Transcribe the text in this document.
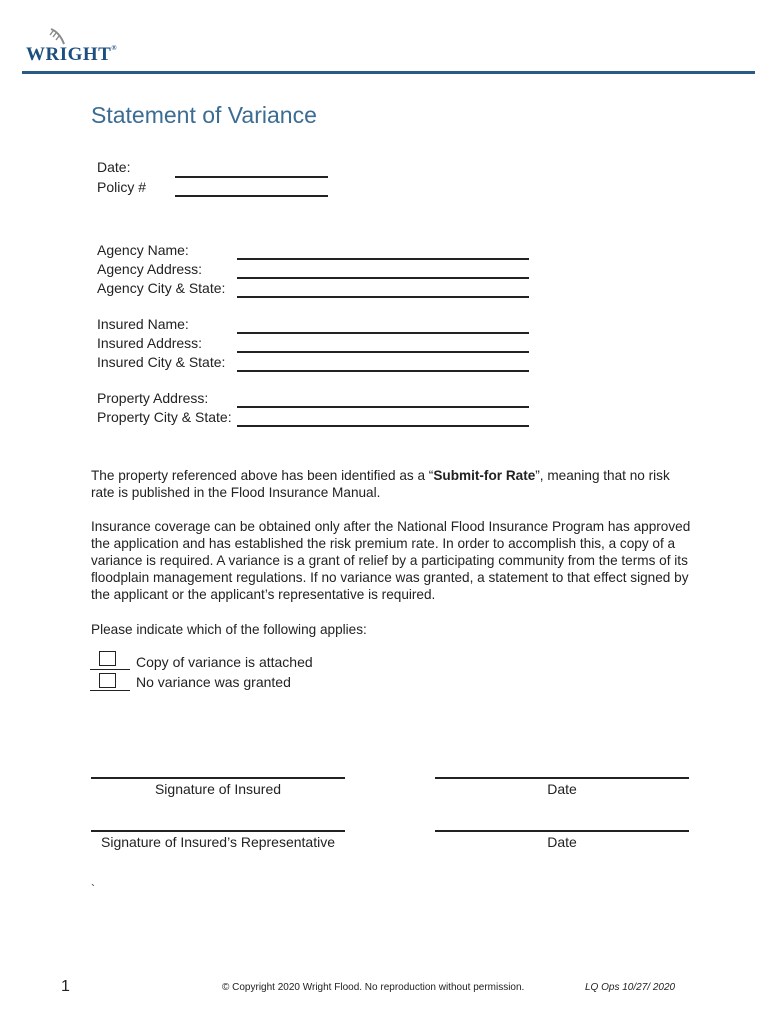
WRIGHT®
Statement of Variance
Date:
Policy #
Agency Name:
Agency Address:
Agency City & State:
Insured Name:
Insured Address:
Insured City & State:
Property Address:
Property City & State:
The property referenced above has been identified as a “Submit-for Rate”, meaning that no risk rate is published in the Flood Insurance Manual.
Insurance coverage can be obtained only after the National Flood Insurance Program has approved the application and has established the risk premium rate. In order to accomplish this, a copy of a variance is required. A variance is a grant of relief by a participating community from the terms of its floodplain management regulations. If no variance was granted, a statement to that effect signed by the applicant or the applicant’s representative is required.
Please indicate which of the following applies:
Copy of variance is attached
No variance was granted
Signature of Insured	Date
Signature of Insured’s Representative	Date
`
1	© Copyright 2020 Wright Flood. No reproduction without permission.	LQ Ops 10/27/ 2020
